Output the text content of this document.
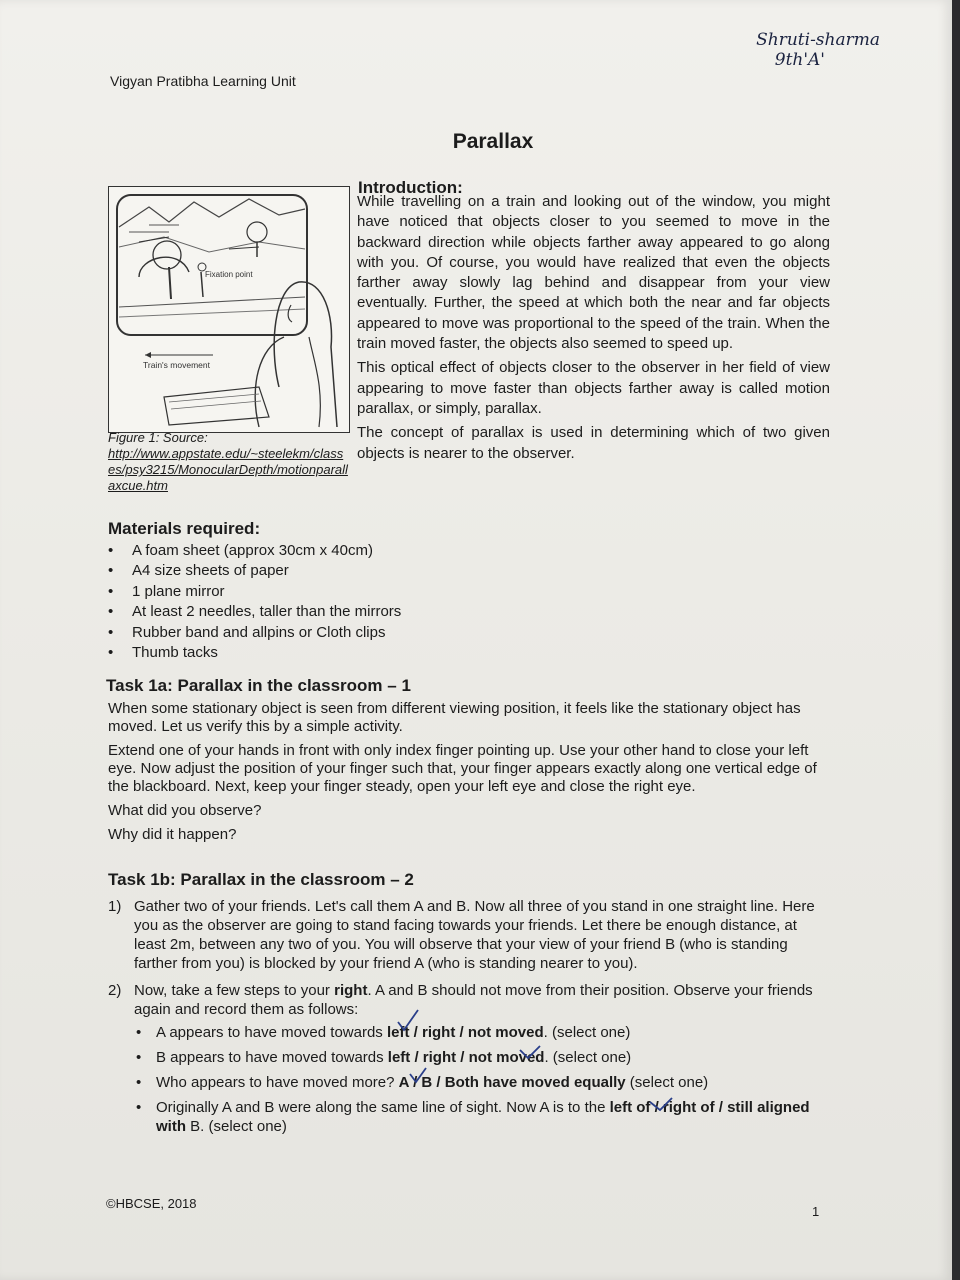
Vigyan Pratibha Learning Unit
Shruti-sharma
9th'A'
Parallax
Fixation point
Train's movement
Figure 1: Source:
http://www.appstate.edu/~steelekm/classes/psy3215/MonocularDepth/motionparallaxcue.htm
Introduction:

While travelling on a train and looking out of the window, you might have noticed that objects closer to you seemed to move in the backward direction while objects farther away appeared to go along with you. Of course, you would have realized that even the objects farther away slowly lag behind and disappear from your view eventually. Further, the speed at which both the near and far objects appeared to move was proportional to the speed of the train. When the train moved faster, the objects also seemed to speed up.

This optical effect of objects closer to the observer in her field of view appearing to move faster than objects farther away is called motion parallax, or simply, parallax.

The concept of parallax is used in determining which of two given objects is nearer to the observer.

Materials required:
• A foam sheet (approx 30cm x 40cm)
• A4 size sheets of paper
• 1 plane mirror
• At least 2 needles, taller than the mirrors
• Rubber band and allpins or Cloth clips
• Thumb tacks
Task 1a: Parallax in the classroom – 1

When some stationary object is seen from different viewing position, it feels like the stationary object has moved. Let us verify this by a simple activity.

Extend one of your hands in front with only index finger pointing up. Use your other hand to close your left eye. Now adjust the position of your finger such that, your finger appears exactly along one vertical edge of the blackboard. Next, keep your finger steady, open your left eye and close the right eye.

What did you observe?

Why did it happen?

Task 1b: Parallax in the classroom – 2
1) Gather two of your friends. Let's call them A and B. Now all three of you stand in one straight line. Here you as the observer are going to stand facing towards your friends. Let there be enough distance, at least 2m, between any two of you. You will observe that your view of your friend B (who is standing farther from you) is blocked by your friend A (who is standing nearer to you).
2) Now, take a few steps to your right. A and B should not move from their position. Observe your friends again and record them as follows:
• A appears to have moved towards left / right / not moved. (select one)
• B appears to have moved towards left / right / not moved. (select one)
• Who appears to have moved more? A / B / Both have moved equally (select one)
• Originally A and B were along the same line of sight. Now A is to the left of / right of / still aligned with B. (select one)
©HBCSE, 2018
1
